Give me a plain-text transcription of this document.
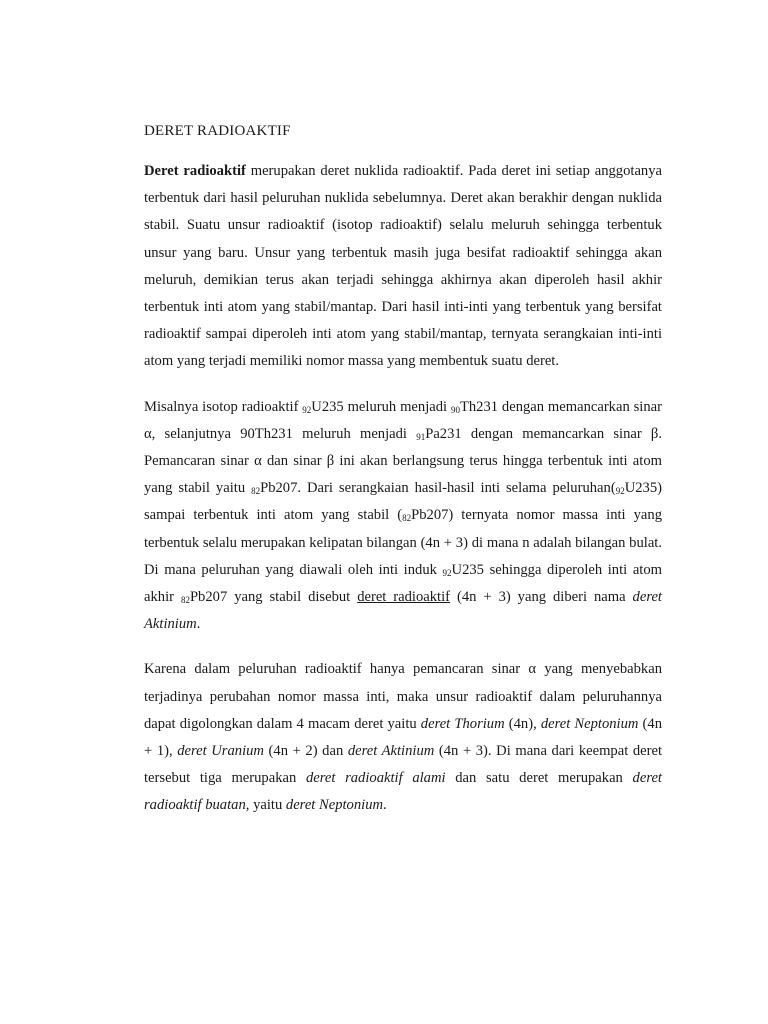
DERET RADIOAKTIF

Deret radioaktif merupakan deret nuklida radioaktif. Pada deret ini setiap anggotanya terbentuk dari hasil peluruhan nuklida sebelumnya. Deret akan berakhir dengan nuklida stabil. Suatu unsur radioaktif (isotop radioaktif) selalu meluruh sehingga terbentuk unsur yang baru. Unsur yang terbentuk masih juga besifat radioaktif sehingga akan meluruh, demikian terus akan terjadi sehingga akhirnya akan diperoleh hasil akhir terbentuk inti atom yang stabil/mantap. Dari hasil inti-inti yang terbentuk yang bersifat radioaktif sampai diperoleh inti atom yang stabil/mantap, ternyata serangkaian inti-inti atom yang terjadi memiliki nomor massa yang membentuk suatu deret.

Misalnya isotop radioaktif $_{92}$U235 meluruh menjadi $_{90}$Th231 dengan memancarkan sinar α, selanjutnya 90Th231 meluruh menjadi $_{91}$Pa231 dengan memancarkan sinar β. Pemancaran sinar α dan sinar β ini akan berlangsung terus hingga terbentuk inti atom yang stabil yaitu $_{82}$Pb207. Dari serangkaian hasil-hasil inti selama $peluruhan(_{92}U235)$ sampai terbentuk inti atom yang stabil $(_{82}Pb207)$ ternyata nomor massa inti yang terbentuk selalu merupakan kelipatan bilangan (4n + 3) di mana n adalah bilangan bulat. Di mana peluruhan yang diawali oleh inti induk $_{92}$U235 sehingga diperoleh inti atom akhir $_{82}$Pb207 yang stabil disebut deret radioaktif (4n + 3) yang diberi nama deret Aktinium.

Karena dalam peluruhan radioaktif hanya pemancaran sinar α yang menyebabkan terjadinya perubahan nomor massa inti, maka unsur radioaktif dalam peluruhannya dapat digolongkan dalam 4 macam deret yaitu deret Thorium (4n), deret Neptonium (4n + 1), deret Uranium (4n + 2) dan deret Aktinium (4n + 3). Di mana dari keempat deret tersebut tiga merupakan deret radioaktif alami dan satu deret merupakan deret radioaktif buatan, yaitu deret Neptonium.
